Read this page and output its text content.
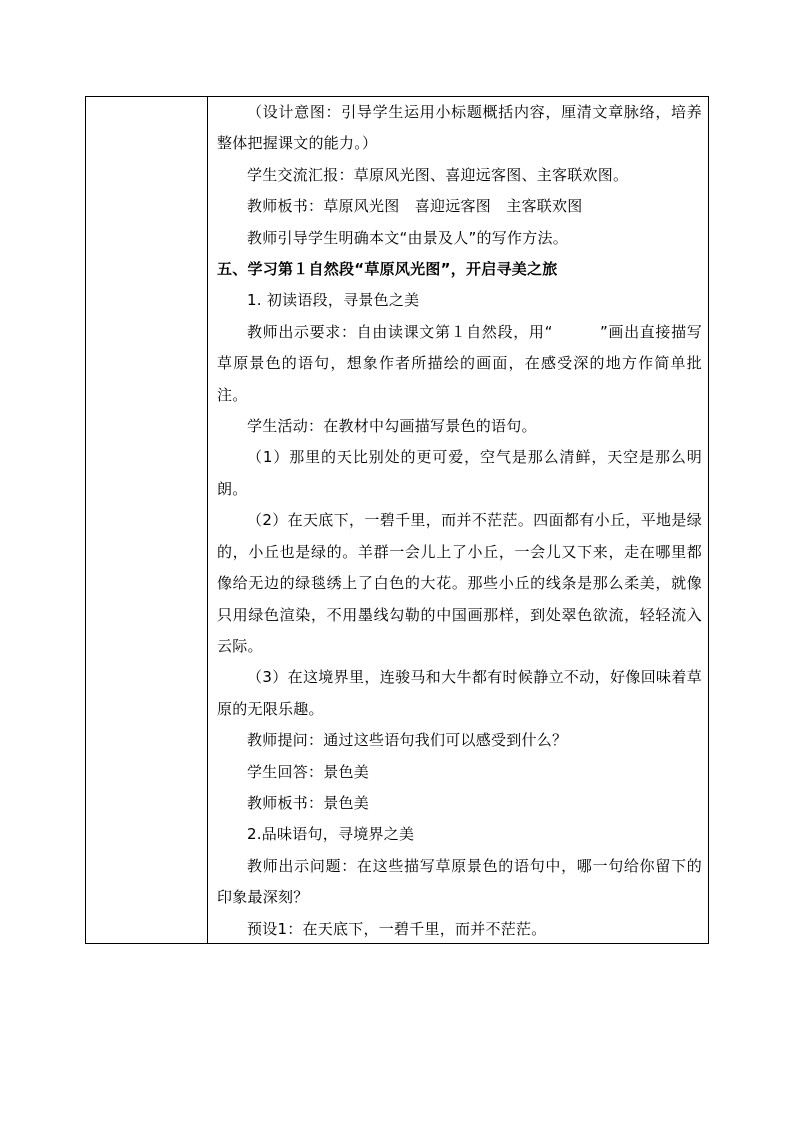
（设计意图：引导学生运用小标题概括内容，厘清文章脉络，培养整体把握课文的能力。）

学生交流汇报：草原风光图、喜迎远客图、主客联欢图。

教师板书：草原风光图　喜迎远客图　主客联欢图

教师引导学生明确本文“由景及人”的写作方法。

五、学习第１自然段“草原风光图”，开启寻美之旅

1. 初读语段，寻景色之美

教师出示要求：自由读课文第１自然段，用“　　　”画出直接描写草原景色的语句，想象作者所描绘的画面，在感受深的地方作简单批注。

学生活动：在教材中勾画描写景色的语句。

（1）那里的天比别处的更可爱，空气是那么清鲜，天空是那么明朗。

（2）在天底下，一碧千里，而并不茫茫。四面都有小丘，平地是绿的，小丘也是绿的。羊群一会儿上了小丘，一会儿又下来，走在哪里都像给无边的绿毯绣上了白色的大花。那些小丘的线条是那么柔美，就像只用绿色渲染，不用墨线勾勒的中国画那样，到处翠色欲流，轻轻流入云际。

（3）在这境界里，连骏马和大牛都有时候静立不动，好像回味着草原的无限乐趣。

教师提问：通过这些语句我们可以感受到什么？

学生回答：景色美

教师板书：景色美

2.品味语句，寻境界之美

教师出示问题：在这些描写草原景色的语句中，哪一句给你留下的印象最深刻？

预设1：在天底下，一碧千里，而并不茫茫。
